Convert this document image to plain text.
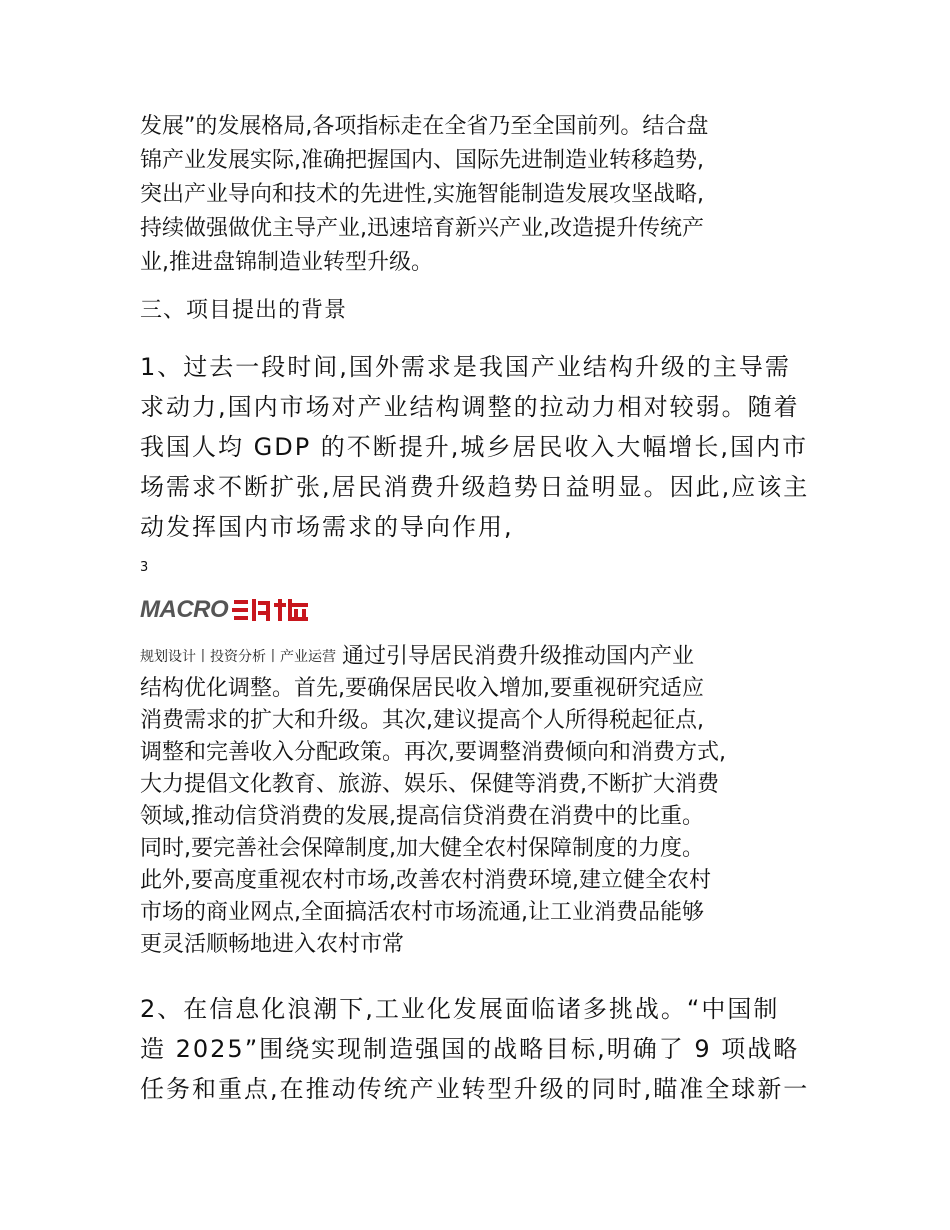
发展”的发展格局,各项指标走在全省乃至全国前列。结合盘

锦产业发展实际,准确把握国内、国际先进制造业转移趋势,

突出产业导向和技术的先进性,实施智能制造发展攻坚战略,

持续做强做优主导产业,迅速培育新兴产业,改造提升传统产

业,推进盘锦制造业转型升级。

三、项目提出的背景

1、过去一段时间,国外需求是我国产业结构升级的主导需

求动力,国内市场对产业结构调整的拉动力相对较弱。随着

我国人均 GDP 的不断提升,城乡居民收入大幅增长,国内市

场需求不断扩张,居民消费升级趋势日益明显。因此,应该主

动发挥国内市场需求的导向作用,

3
MACRO

规划设计丨投资分析丨产业运营 通过引导居民消费升级推动国内产业

结构优化调整。首先,要确保居民收入增加,要重视研究适应

消费需求的扩大和升级。其次,建议提高个人所得税起征点,

调整和完善收入分配政策。再次,要调整消费倾向和消费方式,

大力提倡文化教育、旅游、娱乐、保健等消费,不断扩大消费

领域,推动信贷消费的发展,提高信贷消费在消费中的比重。

同时,要完善社会保障制度,加大健全农村保障制度的力度。

此外,要高度重视农村市场,改善农村消费环境,建立健全农村

市场的商业网点,全面搞活农村市场流通,让工业消费品能够

更灵活顺畅地进入农村市常

2、在信息化浪潮下,工业化发展面临诸多挑战。“中国制

造 2025”围绕实现制造强国的战略目标,明确了 9 项战略

任务和重点,在推动传统产业转型升级的同时,瞄准全球新一
